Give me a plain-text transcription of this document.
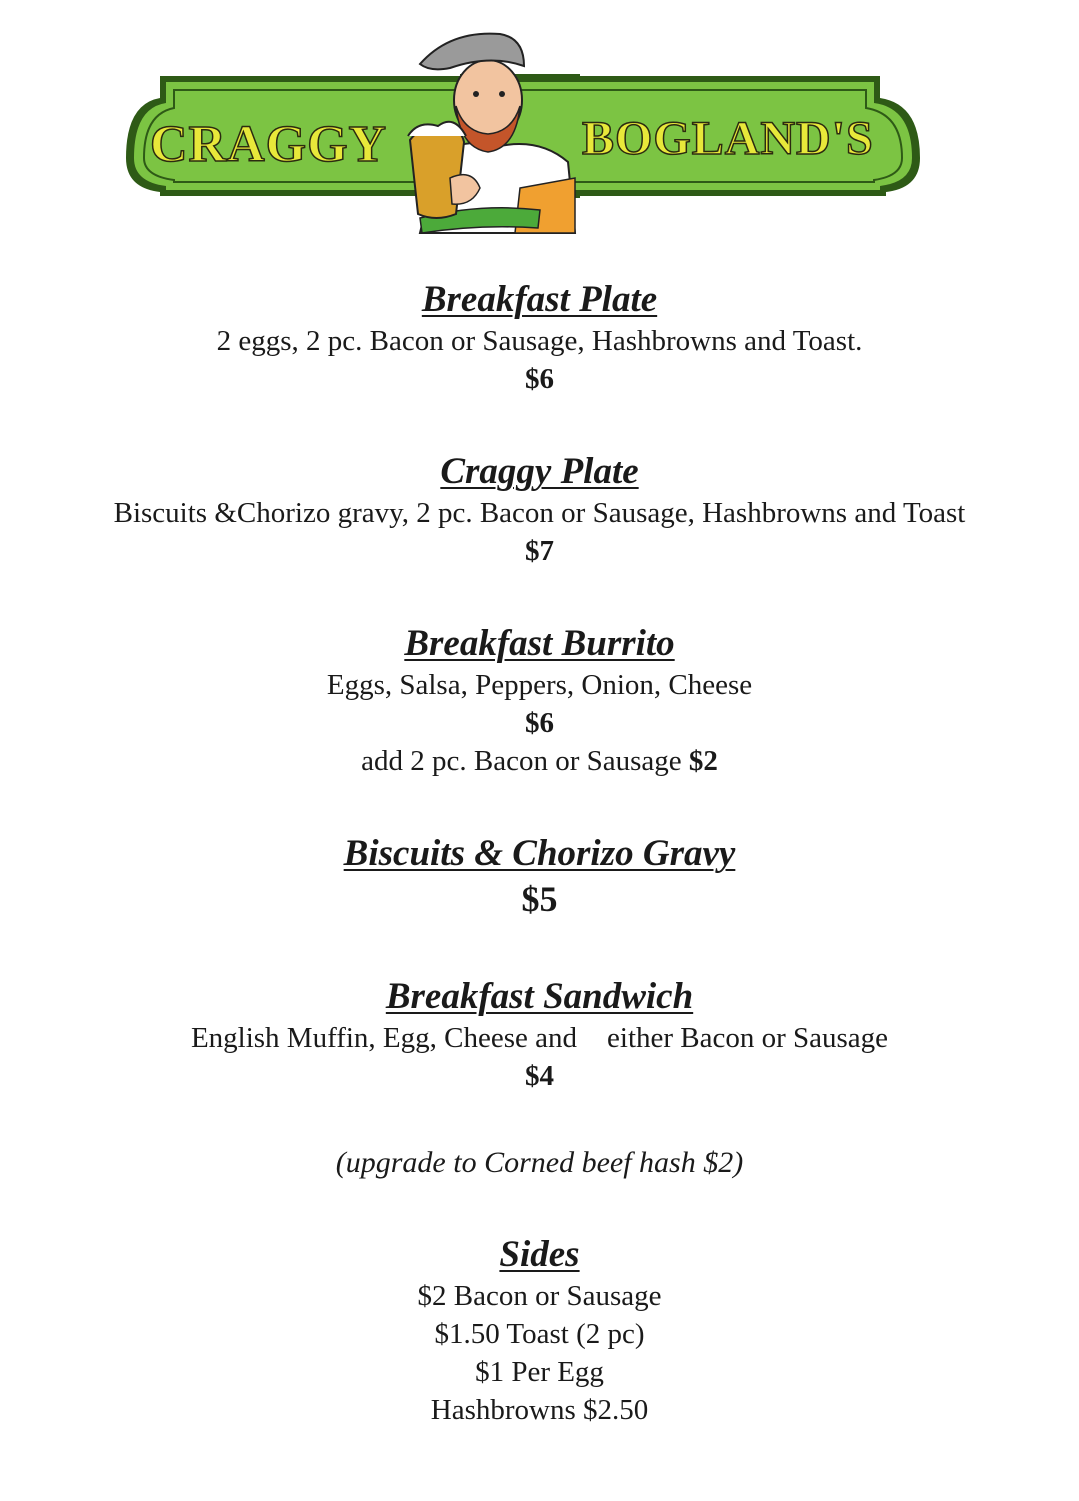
CRAGGY	BOGLAND'S
Breakfast Plate
2 eggs, 2 pc. Bacon or Sausage, Hashbrowns and Toast.
$6
Craggy Plate
Biscuits &Chorizo gravy, 2 pc. Bacon or Sausage, Hashbrowns and Toast
$7
Breakfast Burrito
Eggs, Salsa, Peppers, Onion, Cheese
$6
add 2 pc. Bacon or Sausage $2
Biscuits & Chorizo Gravy
$5
Breakfast Sandwich
English Muffin, Egg, Cheese and either Bacon or Sausage
$4
(upgrade to Corned beef hash $2)
Sides
$2 Bacon or Sausage
$1.50 Toast (2 pc)
$1 Per Egg
Hashbrowns $2.50
